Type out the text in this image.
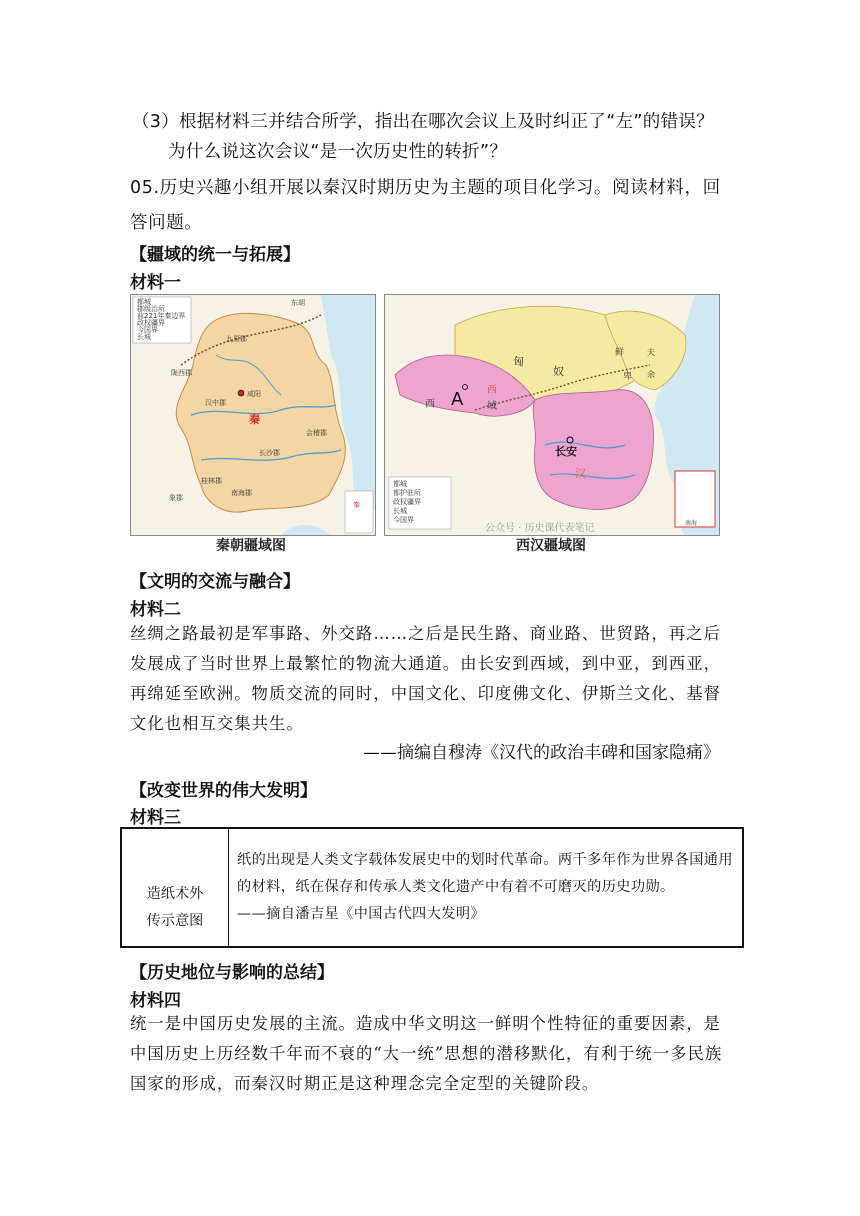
（3）根据材料三并结合所学，指出在哪次会议上及时纠正了“左”的错误？
为什么说这次会议“是一次历史性的转折”？
05.历史兴趣小组开展以秦汉时期历史为主题的项目化学习。阅读材料，回
答问题。
【疆域的统一与拓展】
材料一
咸阳
秦
东胡
九原郡
汉中郡
陇西郡
南海郡
桂林郡
象郡
长沙郡
会稽郡
都城
郡级治所
前221年秦边界
政权疆界
今国界
长城
秦
秦朝疆域图
匈
奴
鲜
卑
夫
余
西 A 西
域
长安
汉
都城
都护驻所
政权疆界
长城
今国界	南海
公众号 · 历史课代表笔记
西汉疆域图
【文明的交流与融合】
材料二
丝绸之路最初是军事路、外交路……之后是民生路、商业路、世贸路，再之后发展成了当时世界上最繁忙的物流大通道。由长安到西域，到中亚，到西亚，再绵延至欧洲。物质交流的同时，中国文化、印度佛文化、伊斯兰文化、基督文化也相互交集共生。
——摘编自穆涛《汉代的政治丰碑和国家隐痛》
【改变世界的伟大发明】
材料三
造纸术外
传示意图

纸的出现是人类文字载体发展史中的划时代革命。两千多年作为世界各国通用的材料，纸在保存和传承人类文化遗产中有着不可磨灭的历史功勋。
——摘自潘吉星《中国古代四大发明》
【历史地位与影响的总结】
材料四
统一是中国历史发展的主流。造成中华文明这一鲜明个性特征的重要因素，是中国历史上历经数千年而不衰的“大一统”思想的潜移默化，有利于统一多民族国家的形成，而秦汉时期正是这种理念完全定型的关键阶段。
